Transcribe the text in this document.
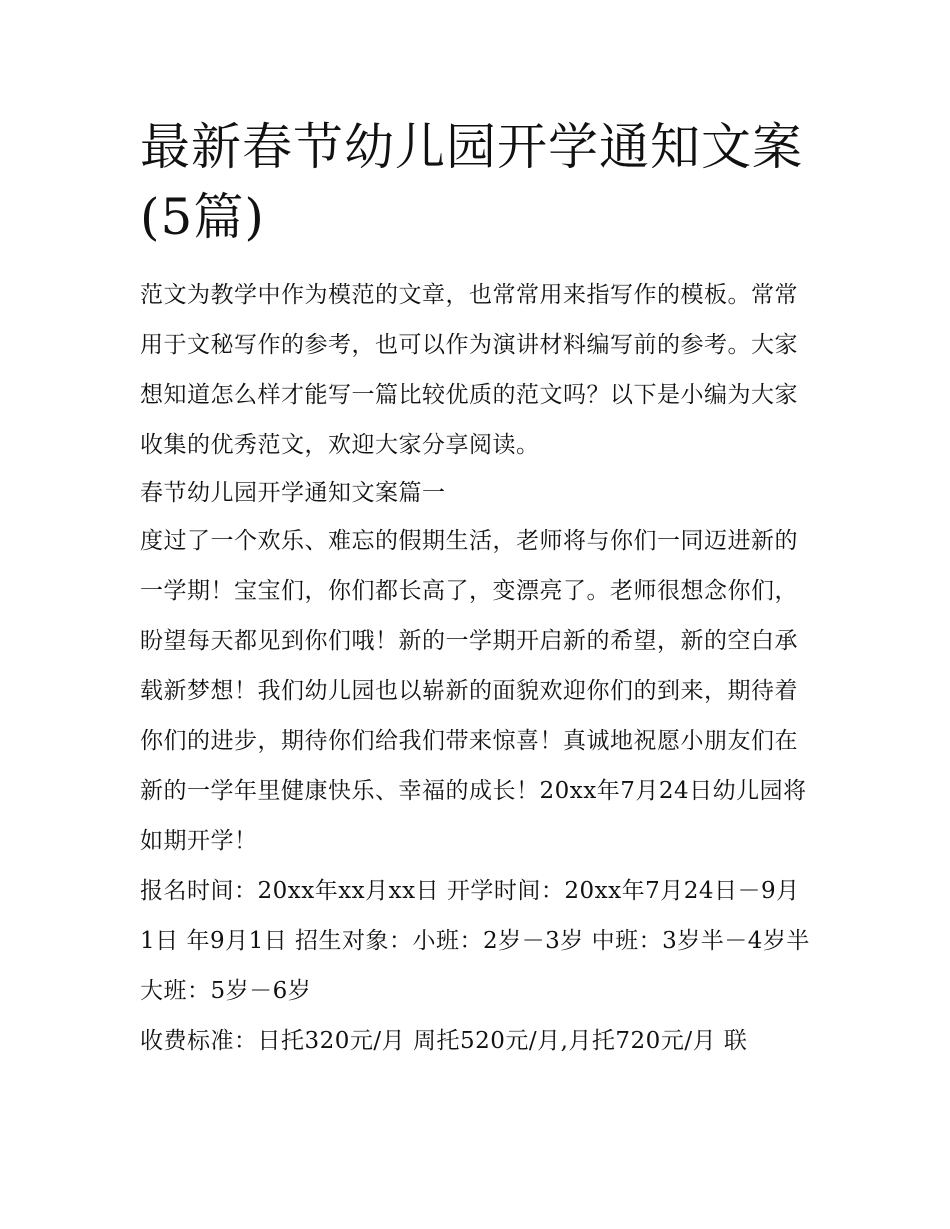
最新春节幼儿园开学通知文案(5篇)

范文为教学中作为模范的文章，也常常用来指写作的模板。常常用于文秘写作的参考，也可以作为演讲材料编写前的参考。大家想知道怎么样才能写一篇比较优质的范文吗？以下是小编为大家收集的优秀范文，欢迎大家分享阅读。

春节幼儿园开学通知文案篇一

度过了一个欢乐、难忘的假期生活，老师将与你们一同迈进新的一学期！宝宝们，你们都长高了，变漂亮了。老师很想念你们，盼望每天都见到你们哦！新的一学期开启新的希望，新的空白承载新梦想！我们幼儿园也以崭新的面貌欢迎你们的到来，期待着你们的进步，期待你们给我们带来惊喜！真诚地祝愿小朋友们在新的一学年里健康快乐、幸福的成长！20xx年7月24日幼儿园将如期开学！

报名时间：20xx年xx月xx日 开学时间：20xx年7月24日－9月1日 年9月1日 招生对象：小班：2岁－3岁 中班：3岁半－4岁半 大班：5岁－6岁

收费标准：日托320元/月 周托520元/月,月托720元/月 联
